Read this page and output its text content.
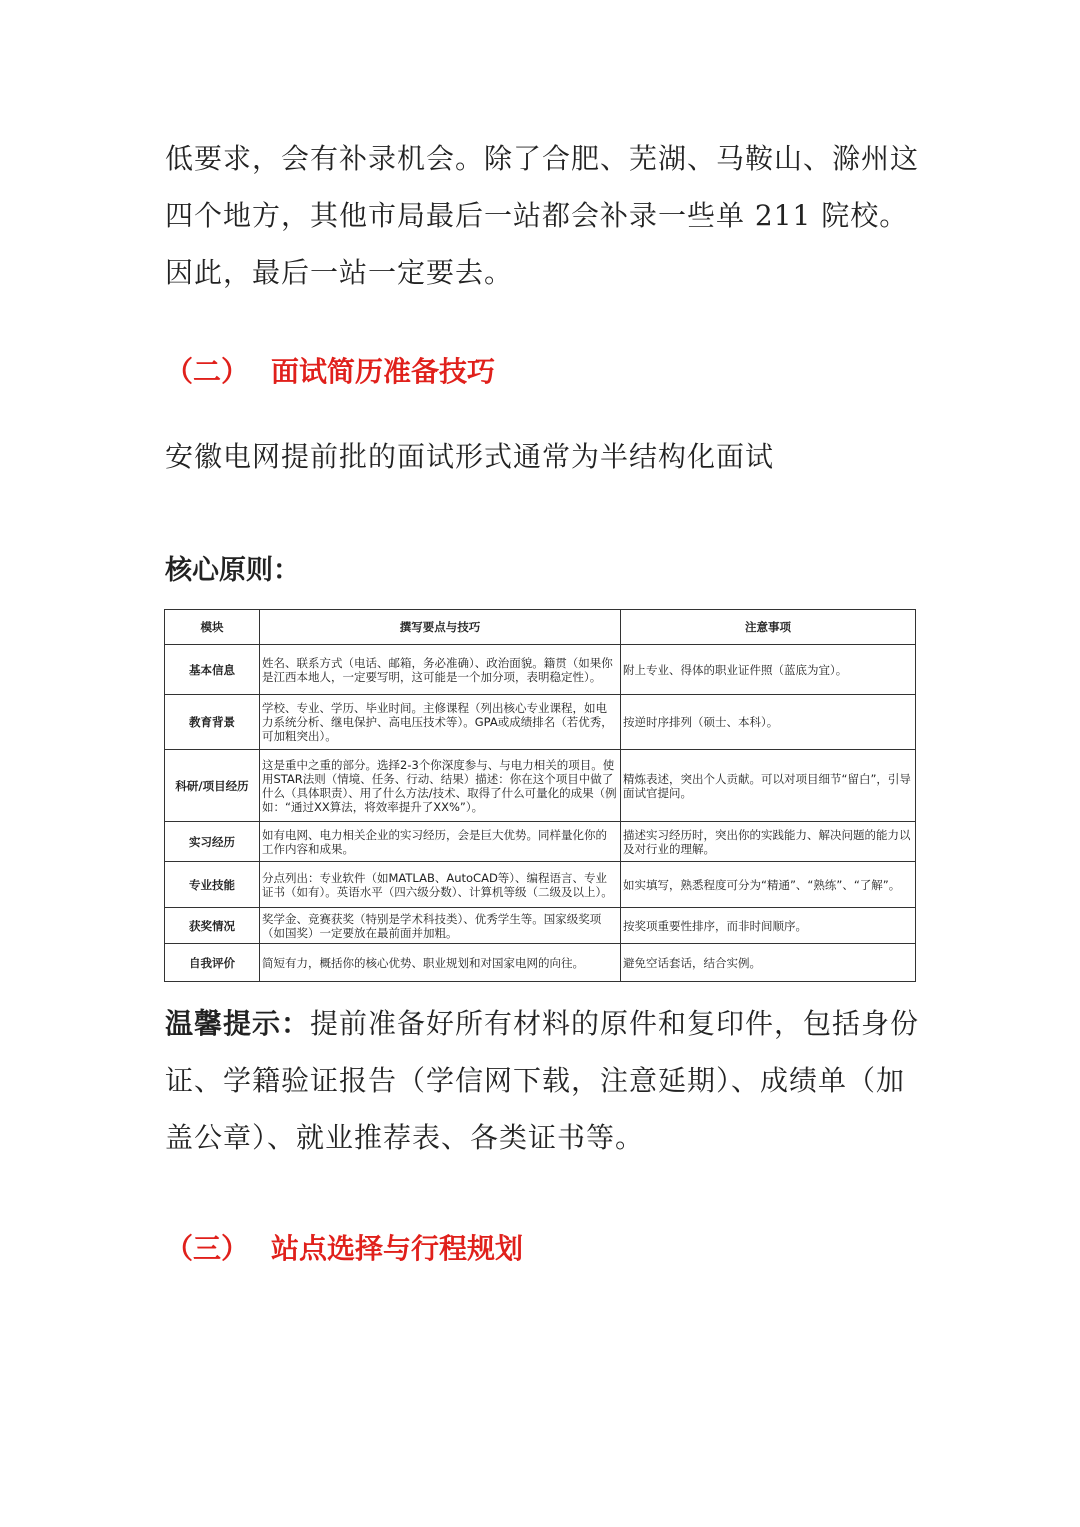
低要求，会有补录机会。除了合肥、芜湖、马鞍山、滁州这四个地方，其他市局最后一站都会补录一些单 211 院校。因此，最后一站一定要去。

（二） 面试简历准备技巧

安徽电网提前批的面试形式通常为半结构化面试

核心原则：
模块	撰写要点与技巧	注意事项
基本信息	姓名、联系方式（电话、邮箱，务必准确）、政治面貌。籍贯（如果你是江西本地人，一定要写明，这可能是一个加分项，表明稳定性）。	附上专业、得体的职业证件照（蓝底为宜）。
教育背景	学校、专业、学历、毕业时间。主修课程（列出核心专业课程，如电力系统分析、继电保护、高电压技术等）。GPA或成绩排名（若优秀，可加粗突出）。	按逆时序排列（硕士、本科）。
科研/项目经历	这是重中之重的部分。选择2-3个你深度参与、与电力相关的项目。使用STAR法则（情境、任务、行动、结果）描述：你在这个项目中做了什么（具体职责）、用了什么方法/技术、取得了什么可量化的成果（例如：“通过XX算法，将效率提升了XX%”）。	精炼表述，突出个人贡献。可以对项目细节“留白”，引导面试官提问。
实习经历	如有电网、电力相关企业的实习经历，会是巨大优势。同样量化你的工作内容和成果。	描述实习经历时，突出你的实践能力、解决问题的能力以及对行业的理解。
专业技能	分点列出：专业软件（如MATLAB、AutoCAD等）、编程语言、专业证书（如有）。英语水平（四六级分数）、计算机等级（二级及以上）。	如实填写，熟悉程度可分为“精通”、“熟练”、“了解”。
获奖情况	奖学金、竞赛获奖（特别是学术科技类）、优秀学生等。国家级奖项（如国奖）一定要放在最前面并加粗。	按奖项重要性排序，而非时间顺序。
自我评价	简短有力，概括你的核心优势、职业规划和对国家电网的向往。	避免空话套话，结合实例。

温馨提示：提前准备好所有材料的原件和复印件，包括身份证、学籍验证报告（学信网下载，注意延期）、成绩单（加盖公章）、就业推荐表、各类证书等。

（三） 站点选择与行程规划
